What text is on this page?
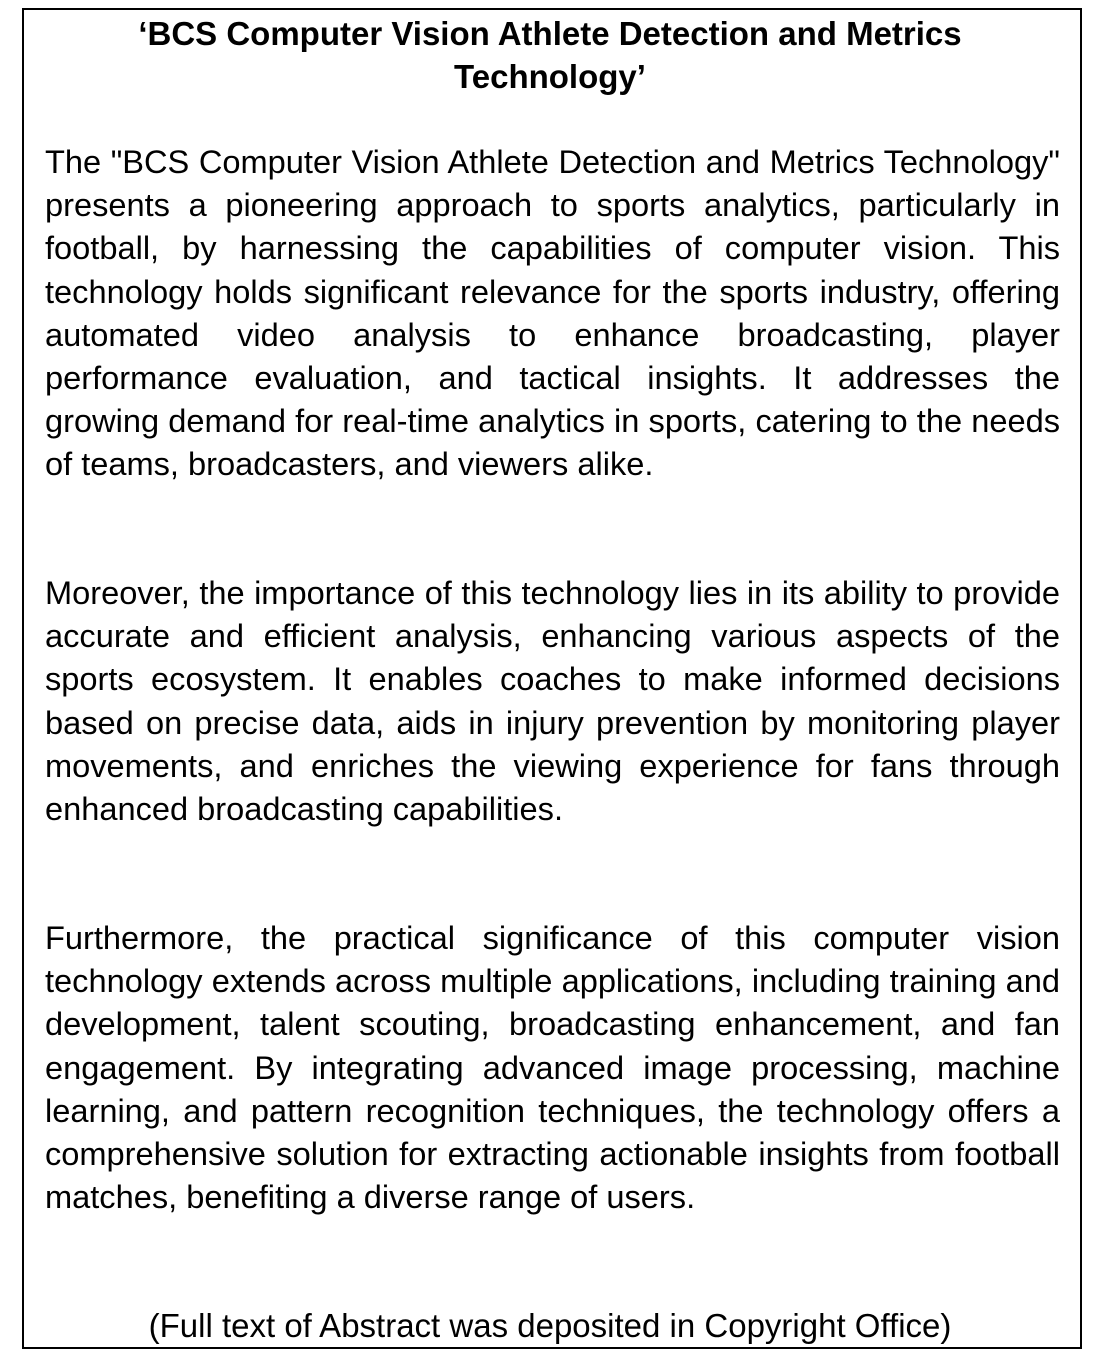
‘BCS Computer Vision Athlete Detection and Metrics Technology’

The "BCS Computer Vision Athlete Detection and Metrics Technology" presents a pioneering approach to sports analytics, particularly in football, by harnessing the capabilities of computer vision. This technology holds significant relevance for the sports industry, offering automated video analysis to enhance broadcasting, player performance evaluation, and tactical insights. It addresses the growing demand for real-time analytics in sports, catering to the needs of teams, broadcasters, and viewers alike.

Moreover, the importance of this technology lies in its ability to provide accurate and efficient analysis, enhancing various aspects of the sports ecosystem. It enables coaches to make informed decisions based on precise data, aids in injury prevention by monitoring player movements, and enriches the viewing experience for fans through enhanced broadcasting capabilities.

Furthermore, the practical significance of this computer vision technology extends across multiple applications, including training and development, talent scouting, broadcasting enhancement, and fan engagement. By integrating advanced image processing, machine learning, and pattern recognition techniques, the technology offers a comprehensive solution for extracting actionable insights from football matches, benefiting a diverse range of users.

(Full text of Abstract was deposited in Copyright Office)
